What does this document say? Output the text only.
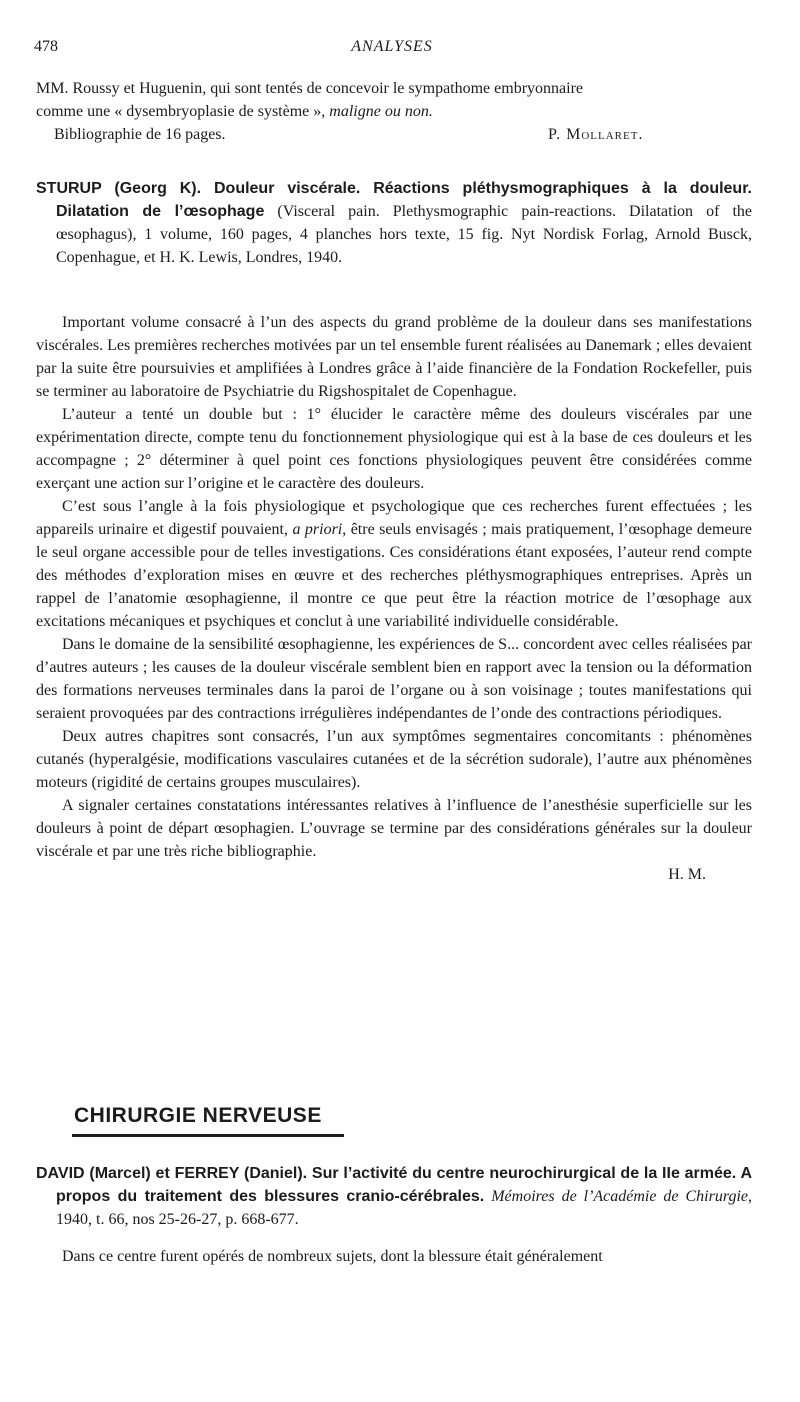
478	ANALYSES

MM. Roussy et Huguenin, qui sont tentés de concevoir le sympathome embryonnaire

comme une « dysembryoplasie de système », maligne ou non.

Bibliographie de 16 pages.	P. Mollaret.

STURUP (Georg K). Douleur viscérale. Réactions pléthysmographiques à la douleur. Dilatation de l’œsophage (Visceral pain. Plethysmographic pain-reactions. Dilatation of the œsophagus), 1 volume, 160 pages, 4 planches hors texte, 15 fig. Nyt Nordisk Forlag, Arnold Busck, Copenhague, et H. K. Lewis, Londres, 1940.

Important volume consacré à l’un des aspects du grand problème de la douleur dans ses manifestations viscérales. Les premières recherches motivées par un tel ensemble furent réalisées au Danemark ; elles devaient par la suite être poursuivies et amplifiées à Londres grâce à l’aide financière de la Fondation Rockefeller, puis se terminer au laboratoire de Psychiatrie du Rigshospitalet de Copenhague.

L’auteur a tenté un double but : 1° élucider le caractère même des douleurs viscérales par une expérimentation directe, compte tenu du fonctionnement physiologique qui est à la base de ces douleurs et les accompagne ; 2° déterminer à quel point ces fonctions physiologiques peuvent être considérées comme exerçant une action sur l’origine et le caractère des douleurs.

C’est sous l’angle à la fois physiologique et psychologique que ces recherches furent effectuées ; les appareils urinaire et digestif pouvaient, a priori, être seuls envisagés ; mais pratiquement, l’œsophage demeure le seul organe accessible pour de telles investigations. Ces considérations étant exposées, l’auteur rend compte des méthodes d’exploration mises en œuvre et des recherches pléthysmographiques entreprises. Après un rappel de l’anatomie œsophagienne, il montre ce que peut être la réaction motrice de l’œsophage aux excitations mécaniques et psychiques et conclut à une variabilité individuelle considérable.

Dans le domaine de la sensibilité œsophagienne, les expériences de S... concordent avec celles réalisées par d’autres auteurs ; les causes de la douleur viscérale semblent bien en rapport avec la tension ou la déformation des formations nerveuses terminales dans la paroi de l’organe ou à son voisinage ; toutes manifestations qui seraient provoquées par des contractions irrégulières indépendantes de l’onde des contractions périodiques.

Deux autres chapitres sont consacrés, l’un aux symptômes segmentaires concomitants : phénomènes cutanés (hyperalgésie, modifications vasculaires cutanées et de la sécrétion sudorale), l’autre aux phénomènes moteurs (rigidité de certains groupes musculaires).

A signaler certaines constatations intéressantes relatives à l’influence de l’anesthésie superficielle sur les douleurs à point de départ œsophagien. L’ouvrage se termine par des considérations générales sur la douleur viscérale et par une très riche bibliographie.

H. M.

CHIRURGIE NERVEUSE

DAVID (Marcel) et FERREY (Daniel). Sur l’activité du centre neurochirurgical de la IIe armée. A propos du traitement des blessures cranio-cérébrales. Mémoires de l’Académie de Chirurgie, 1940, t. 66, nos 25-26-27, p. 668-677.

Dans ce centre furent opérés de nombreux sujets, dont la blessure était généralement
